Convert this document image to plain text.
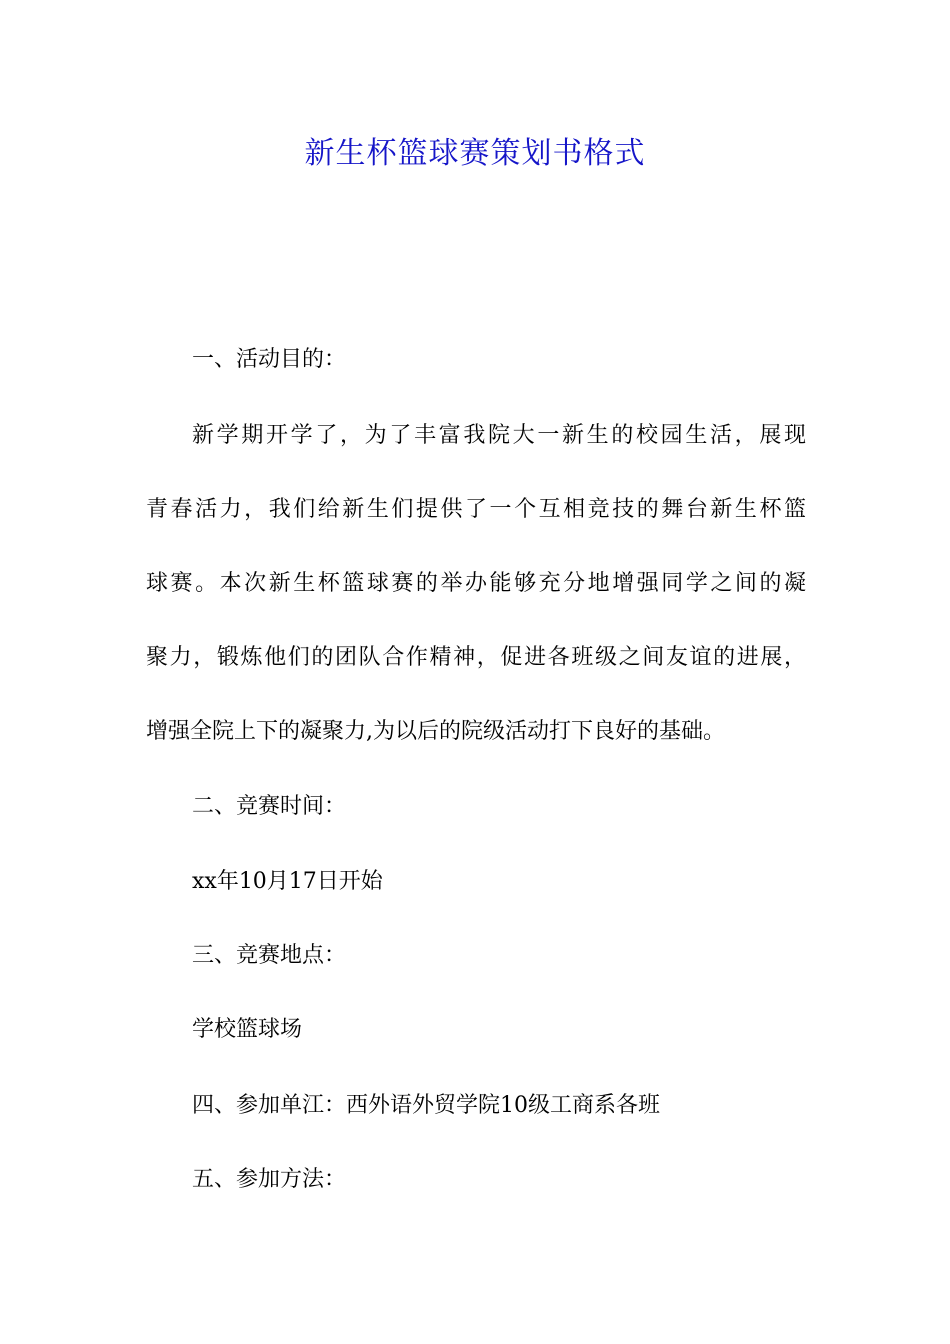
新生杯篮球赛策划书格式
一、活动目的：
新学期开学了，为了丰富我院大一新生的校园生活，展现
青春活力，我们给新生们提供了一个互相竞技的舞台新生杯篮
球赛。本次新生杯篮球赛的举办能够充分地增强同学之间的凝
聚力，锻炼他们的团队合作精神，促进各班级之间友谊的进展，
增强全院上下的凝聚力,为以后的院级活动打下良好的基础。
二、竞赛时间：
xx年10月17日开始
三、竞赛地点：
学校篮球场
四、参加单江：西外语外贸学院10级工商系各班
五、参加方法：
